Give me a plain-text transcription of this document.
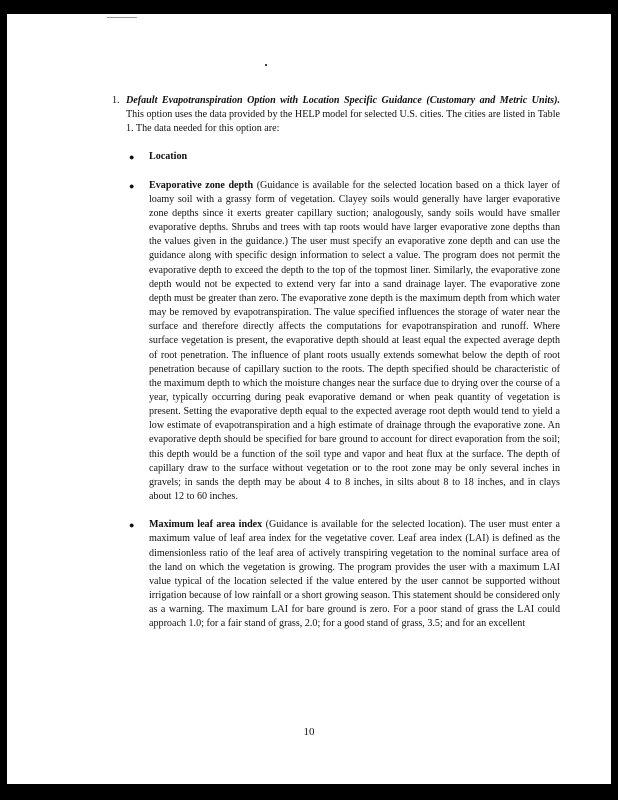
1. Default Evapotranspiration Option with Location Specific Guidance (Customary and Metric Units). This option uses the data provided by the HELP model for selected U.S. cities. The cities are listed in Table 1. The data needed for this option are:

● Location
● Evaporative zone depth (Guidance is available for the selected location based on a thick layer of loamy soil with a grassy form of vegetation. Clayey soils would generally have larger evaporative zone depths since it exerts greater capillary suction; analogously, sandy soils would have smaller evaporative depths. Shrubs and trees with tap roots would have larger evaporative zone depths than the values given in the guidance.) The user must specify an evaporative zone depth and can use the guidance along with specific design information to select a value. The program does not permit the evaporative depth to exceed the depth to the top of the topmost liner. Similarly, the evaporative zone depth would not be expected to extend very far into a sand drainage layer. The evaporative zone depth must be greater than zero. The evaporative zone depth is the maximum depth from which water may be removed by evapotranspiration. The value specified influences the storage of water near the surface and therefore directly affects the computations for evapotranspiration and runoff. Where surface vegetation is present, the evaporative depth should at least equal the expected average depth of root penetration. The influence of plant roots usually extends somewhat below the depth of root penetration because of capillary suction to the roots. The depth specified should be characteristic of the maximum depth to which the moisture changes near the surface due to drying over the course of a year, typically occurring during peak evaporative demand or when peak quantity of vegetation is present. Setting the evaporative depth equal to the expected average root depth would tend to yield a low estimate of evapotranspiration and a high estimate of drainage through the evaporative zone. An evaporative depth should be specified for bare ground to account for direct evaporation from the soil; this depth would be a function of the soil type and vapor and heat flux at the surface. The depth of capillary draw to the surface without vegetation or to the root zone may be only several inches in gravels; in sands the depth may be about 4 to 8 inches, in silts about 8 to 18 inches, and in clays about 12 to 60 inches.
● Maximum leaf area index (Guidance is available for the selected location). The user must enter a maximum value of leaf area index for the vegetative cover. Leaf area index (LAI) is defined as the dimensionless ratio of the leaf area of actively transpiring vegetation to the nominal surface area of the land on which the vegetation is growing. The program provides the user with a maximum LAI value typical of the location selected if the value entered by the user cannot be supported without irrigation because of low rainfall or a short growing season. This statement should be considered only as a warning. The maximum LAI for bare ground is zero. For a poor stand of grass the LAI could approach 1.0; for a fair stand of grass, 2.0; for a good stand of grass, 3.5; and for an excellent
10
